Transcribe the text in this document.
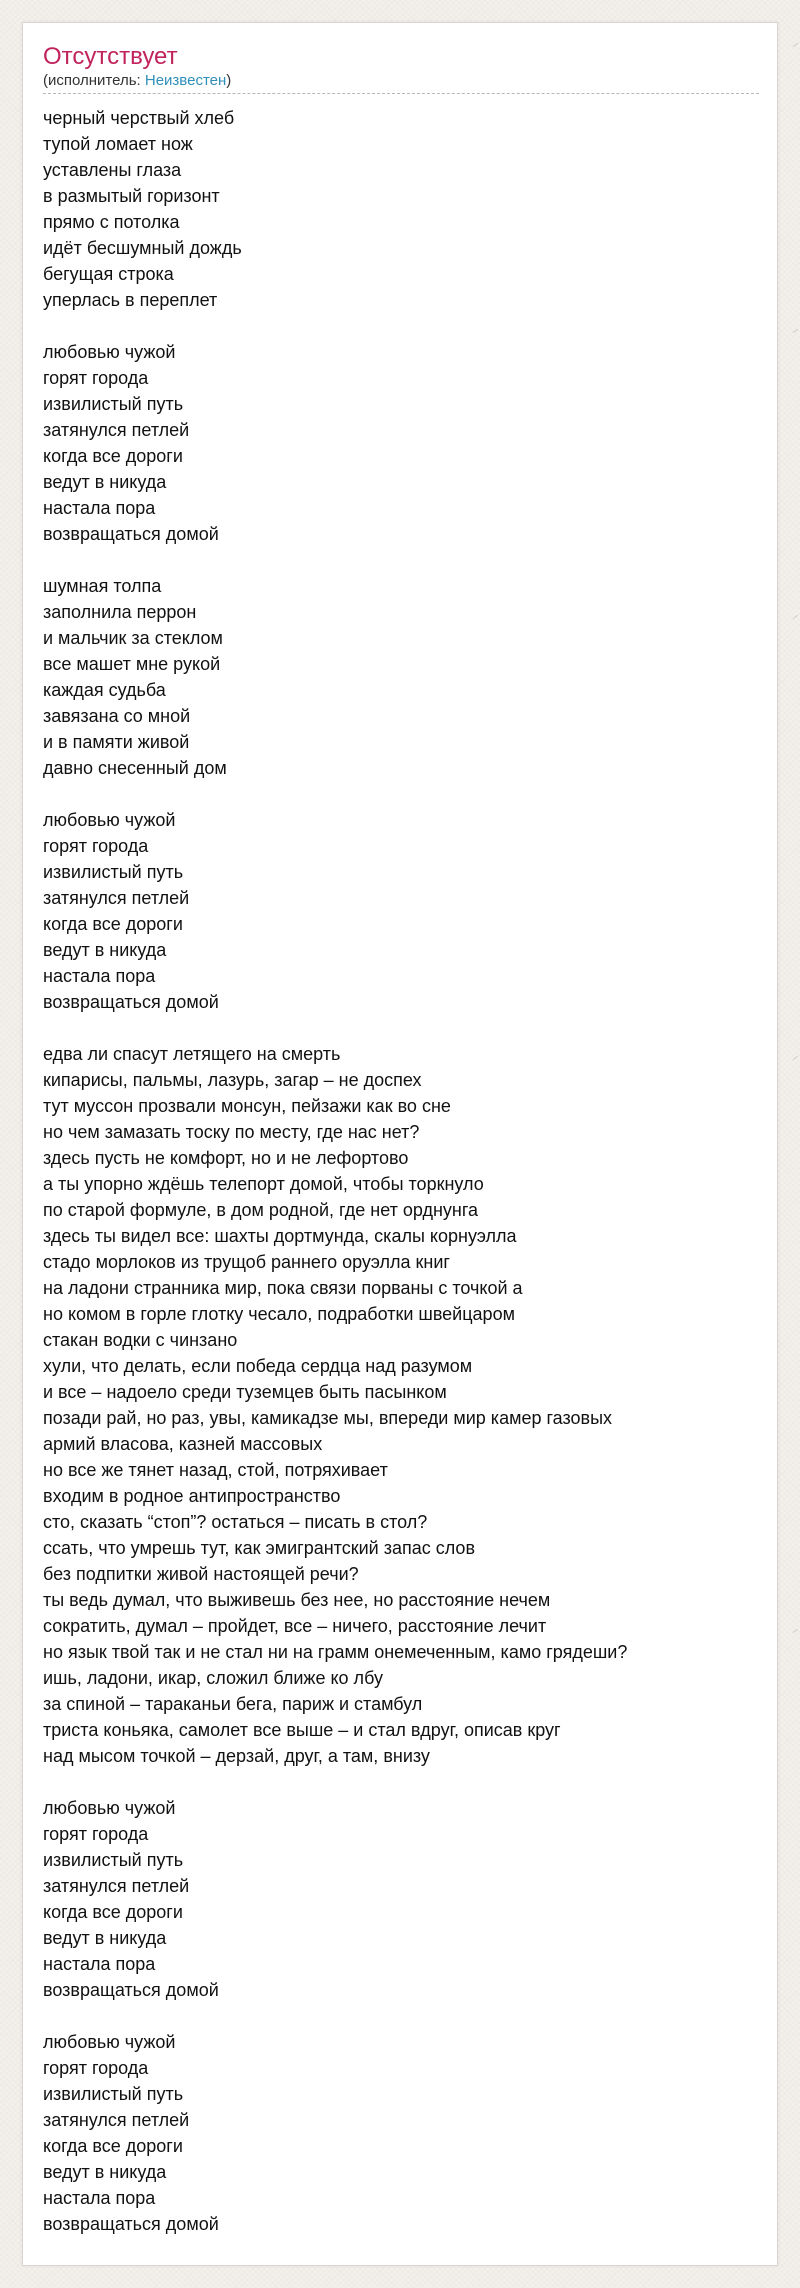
Отсутствует
(исполнитель: Неизвестен)
черный черствый хлеб
тупой ломает нож
уставлены глаза
в размытый горизонт
прямо с потолка
идёт бесшумный дождь
бегущая строка
уперлась в переплет
любовью чужой
горят города
извилистый путь
затянулся петлей
когда все дороги
ведут в никуда
настала пора
возвращаться домой
шумная толпа
заполнила перрон
и мальчик за стеклом
все машет мне рукой
каждая судьба
завязана со мной
и в памяти живой
давно снесенный дом
любовью чужой
горят города
извилистый путь
затянулся петлей
когда все дороги
ведут в никуда
настала пора
возвращаться домой
едва ли спасут летящего на смерть
кипарисы, пальмы, лазурь, загар – не доспех
тут муссон прозвали монсун, пейзажи как во сне
но чем замазать тоску по месту, где нас нет?
здесь пусть не комфорт, но и не лефортово
а ты упорно ждёшь телепорт домой, чтобы торкнуло
по старой формуле, в дом родной, где нет орднунга
здесь ты видел все: шахты дортмунда, скалы корнуэлла
стадо морлоков из трущоб раннего оруэлла книг
на ладони странника мир, пока связи порваны с точкой а
но комом в горле глотку чесало, подработки швейцаром
стакан водки с чинзано
хули, что делать, если победа сердца над разумом
и все – надоело среди туземцев быть пасынком
позади рай, но раз, увы, камикадзе мы, впереди мир камер газовых
армий власова, казней массовых
но все же тянет назад, стой, потряхивает
входим в родное антипространство
сто, сказать “стоп”? остаться – писать в стол?
ссать, что умрешь тут, как эмигрантский запас слов
без подпитки живой настоящей речи?
ты ведь думал, что выживешь без нее, но расстояние нечем
сократить, думал – пройдет, все – ничего, расстояние лечит
но язык твой так и не стал ни на грамм онемеченным, камо грядеши?
ишь, ладони, икар, сложил ближе ко лбу
за спиной – тараканьи бега, париж и стамбул
триста коньяка, самолет все выше – и стал вдруг, описав круг
над мысом точкой – дерзай, друг, а там, внизу
любовью чужой
горят города
извилистый путь
затянулся петлей
когда все дороги
ведут в никуда
настала пора
возвращаться домой
любовью чужой
горят города
извилистый путь
затянулся петлей
когда все дороги
ведут в никуда
настала пора
возвращаться домой
